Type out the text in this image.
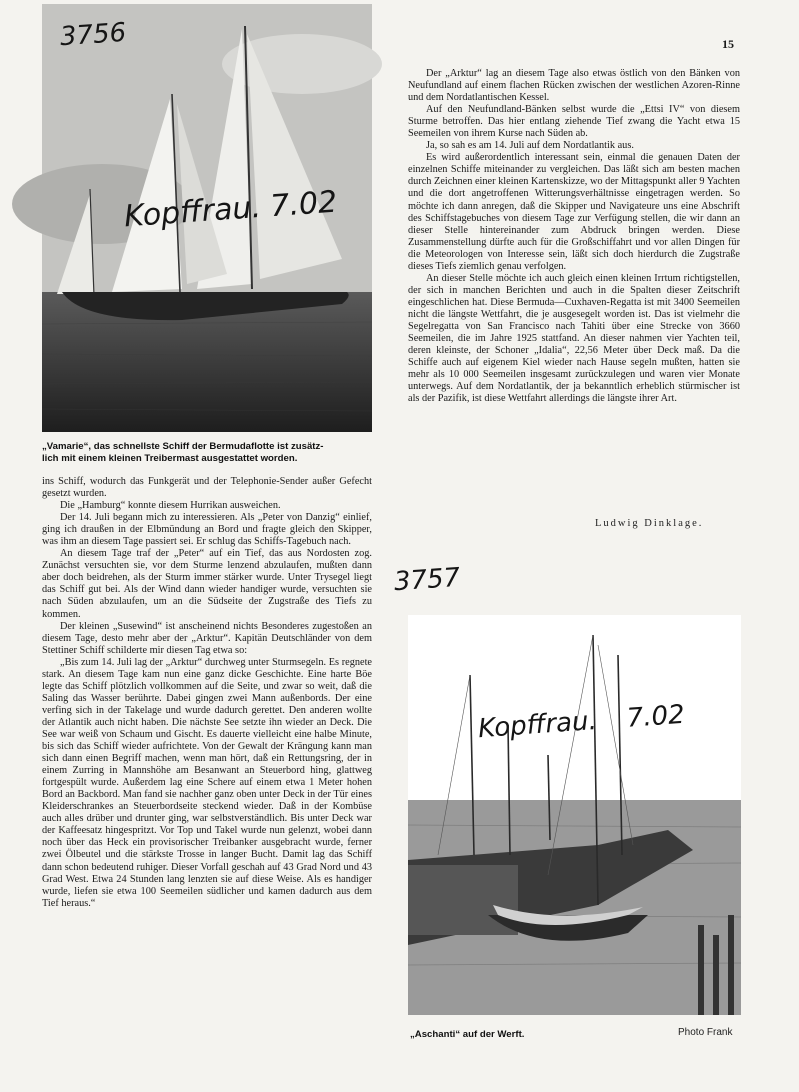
15
3756
Kopffrau. 7.02
„Vamarie“, das schnellste Schiff der Bermudaflotte ist zusätz-
lich mit einem kleinen Treibermast ausgestattet worden.

ins Schiff, wodurch das Funkgerät und der Telephonie-Sender außer Gefecht gesetzt wurden.

Die „Hamburg“ konnte diesem Hurrikan ausweichen.

Der 14. Juli begann mich zu interessieren. Als „Peter von Danzig“ einlief, ging ich draußen in der Elbmündung an Bord und fragte gleich den Skipper, was ihm an diesem Tage passiert sei. Er schlug das Schiffs-Tagebuch nach.

An diesem Tage traf der „Peter“ auf ein Tief, das aus Nordosten zog. Zunächst versuchten sie, vor dem Sturme lenzend abzulaufen, mußten dann aber doch beidrehen, als der Sturm immer stärker wurde. Unter Trysegel liegt das Schiff gut bei. Als der Wind dann wieder handiger wurde, versuchten sie nach Süden abzulaufen, um an die Südseite der Zugstraße des Tiefs zu kommen.

Der kleinen „Susewind“ ist anscheinend nichts Besonderes zugestoßen an diesem Tage, desto mehr aber der „Arktur“. Kapitän Deutschländer von dem Stettiner Schiff schilderte mir diesen Tag etwa so:

„Bis zum 14. Juli lag der „Arktur“ durchweg unter Sturmsegeln. Es regnete stark. An diesem Tage kam nun eine ganz dicke Geschichte. Eine harte Böe legte das Schiff plötzlich vollkommen auf die Seite, und zwar so weit, daß die Saling das Wasser berührte. Dabei gingen zwei Mann außenbords. Der eine verfing sich in der Takelage und wurde dadurch gerettet. Den anderen wollte der Atlantik auch nicht haben. Die nächste See setzte ihn wieder an Deck. Die See war weiß von Schaum und Gischt. Es dauerte vielleicht eine halbe Minute, bis sich das Schiff wieder aufrichtete. Von der Gewalt der Krängung kann man sich dann einen Begriff machen, wenn man hört, daß ein Rettungsring, der in einem Zurring in Mannshöhe am Besanwant an Steuerbord hing, glattweg fortgespült wurde. Außerdem lag eine Schere auf einem etwa 1 Meter hohen Bord an Backbord. Man fand sie nachher ganz oben unter Deck in der Tür eines Kleiderschrankes an Steuerbordseite steckend wieder. Daß in der Kombüse auch alles drüber und drunter ging, war selbstverständlich. Bis unter Deck war der Kaffeesatz hingespritzt. Vor Top und Takel wurde nun gelenzt, wobei dann noch über das Heck ein provisorischer Treibanker ausgebracht wurde, ferner zwei Ölbeutel und die stärkste Trosse in langer Bucht. Damit lag das Schiff dann schon bedeutend ruhiger. Dieser Vorfall geschah auf 43 Grad Nord und 43 Grad West. Etwa 24 Stunden lang lenzten sie auf diese Weise. Als es handiger wurde, liefen sie etwa 100 Seemeilen südlicher und kamen dadurch aus dem Tief heraus.“

Der „Arktur“ lag an diesem Tage also etwas östlich von den Bänken von Neufundland auf einem flachen Rücken zwischen der westlichen Azoren-Rinne und dem Nordatlantischen Kessel.

Auf den Neufundland-Bänken selbst wurde die „Ettsi IV“ von diesem Sturme betroffen. Das hier entlang ziehende Tief zwang die Yacht etwa 15 Seemeilen von ihrem Kurse nach Süden ab.

Ja, so sah es am 14. Juli auf dem Nordatlantik aus.

Es wird außerordentlich interessant sein, einmal die genauen Daten der einzelnen Schiffe miteinander zu vergleichen. Das läßt sich am besten machen durch Zeichnen einer kleinen Kartenskizze, wo der Mittagspunkt aller 9 Yachten und die dort angetroffenen Witterungsverhältnisse eingetragen werden. So möchte ich dann anregen, daß die Skipper und Navigateure uns eine Abschrift des Schiffstagebuches von diesem Tage zur Verfügung stellen, die wir dann an dieser Stelle hintereinander zum Abdruck bringen werden. Diese Zusammenstellung dürfte auch für die Großschiffahrt und vor allen Dingen für die Meteorologen von Interesse sein, läßt sich doch hierdurch die Zugstraße dieses Tiefs ziemlich genau verfolgen.

An dieser Stelle möchte ich auch gleich einen kleinen Irrtum richtigstellen, der sich in manchen Berichten und auch in die Spalten dieser Zeitschrift eingeschlichen hat. Diese Bermuda—Cuxhaven-Regatta ist mit 3400 Seemeilen nicht die längste Wettfahrt, die je ausgesegelt worden ist. Das ist vielmehr die Segelregatta von San Francisco nach Tahiti über eine Strecke von 3660 Seemeilen, die im Jahre 1925 stattfand. An dieser nahmen vier Yachten teil, deren kleinste, der Schoner „Idalia“, 22,56 Meter über Deck maß. Da die Schiffe auch auf eigenem Kiel wieder nach Hause segeln mußten, hatten sie mehr als 10 000 Seemeilen insgesamt zurückzulegen und waren vier Monate unterwegs. Auf dem Nordatlantik, der ja bekanntlich erheblich stürmischer ist als der Pazifik, ist diese Wettfahrt allerdings die längste ihrer Art.

Ludwig Dinklage.
3757
Kopffrau. 7.02
„Aschanti“ auf der Werft.	Photo Frank
